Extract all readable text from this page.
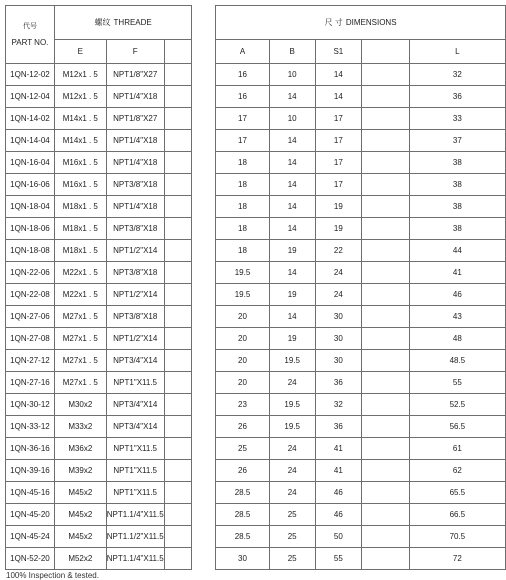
代号
PART NO.	螺纹 THREADE				尺 寸 DIMENSIONS				
	E	F			A	B	S1		L
1QN-12-02	M12x1 . 5	NPT1/8"X27			16	10	14		32
1QN-12-04	M12x1 . 5	NPT1/4"X18			16	14	14		36
1QN-14-02	M14x1 . 5	NPT1/8"X27			17	10	17		33
1QN-14-04	M14x1 . 5	NPT1/4"X18			17	14	17		37
1QN-16-04	M16x1 . 5	NPT1/4"X18			18	14	17		38
1QN-16-06	M16x1 . 5	NPT3/8"X18			18	14	17		38
1QN-18-04	M18x1 . 5	NPT1/4"X18			18	14	19		38
1QN-18-06	M18x1 . 5	NPT3/8"X18			18	14	19		38
1QN-18-08	M18x1 . 5	NPT1/2"X14			18	19	22		44
1QN-22-06	M22x1 . 5	NPT3/8"X18			19.5	14	24		41
1QN-22-08	M22x1 . 5	NPT1/2"X14			19.5	19	24		46
1QN-27-06	M27x1 . 5	NPT3/8"X18			20	14	30		43
1QN-27-08	M27x1 . 5	NPT1/2"X14			20	19	30		48
1QN-27-12	M27x1 . 5	NPT3/4"X14			20	19.5	30		48.5
1QN-27-16	M27x1 . 5	NPT1"X11.5			20	24	36		55
1QN-30-12	M30x2	NPT3/4"X14			23	19.5	32		52.5
1QN-33-12	M33x2	NPT3/4"X14			26	19.5	36		56.5
1QN-36-16	M36x2	NPT1"X11.5			25	24	41		61
1QN-39-16	M39x2	NPT1"X11.5			26	24	41		62
1QN-45-16	M45x2	NPT1"X11.5			28.5	24	46		65.5
1QN-45-20	M45x2	NPT1.1/4"X11.5			28.5	25	46		66.5
1QN-45-24	M45x2	NPT1.1/2"X11.5			28.5	25	50		70.5
1QN-52-20	M52x2	NPT1.1/4"X11.5			30	25	55		72
100% Inspection & tested.
